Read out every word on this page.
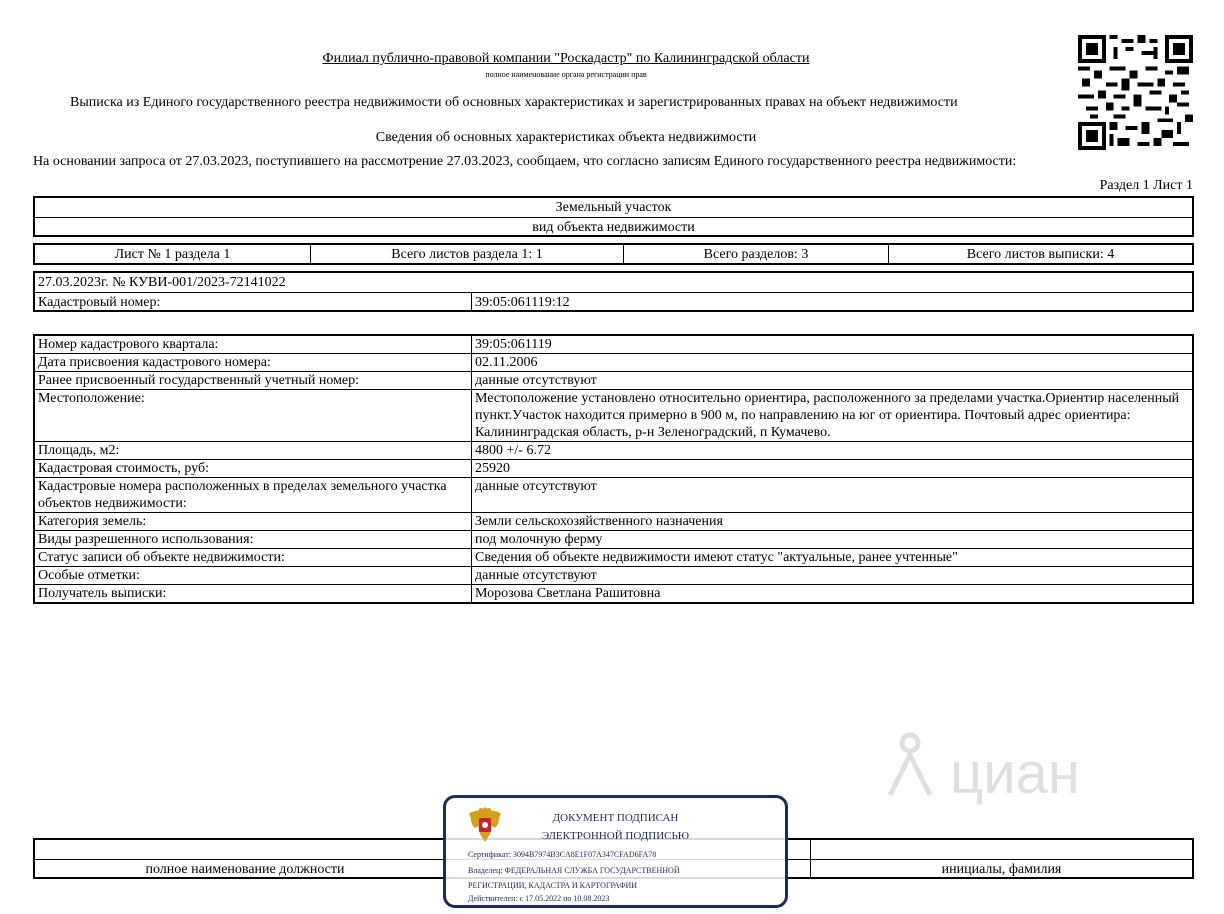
Филиал публично-правовой компании "Роскадастр" по Калининградской области
полное наименование органа регистрации прав
Выписка из Единого государственного реестра недвижимости об основных характеристиках и зарегистрированных правах на объект недвижимости
Сведения об основных характеристиках объекта недвижимости
На основании запроса от 27.03.2023, поступившего на рассмотрение 27.03.2023, сообщаем, что согласно записям Единого государственного реестра недвижимости:
Раздел 1 Лист 1
Земельный участок
вид объекта недвижимости
Лист № 1 раздела 1	Всего листов раздела 1: 1	Всего разделов: 3	Всего листов выписки: 4
27.03.2023г. № КУВИ-001/2023-72141022
Кадастровый номер:	39:05:061119:12
Номер кадастрового квартала:	39:05:061119
Дата присвоения кадастрового номера:	02.11.2006
Ранее присвоенный государственный учетный номер:	данные отсутствуют
Местоположение:	Местоположение установлено относительно ориентира, расположенного за пределами участка.Ориентир населенный пункт.Участок находится примерно в 900 м, по направлению на юг от ориентира. Почтовый адрес ориентира: Калининградская область, р-н Зеленоградский, п Кумачево.
Площадь, м2:	4800 +/- 6.72
Кадастровая стоимость, руб:	25920
Кадастровые номера расположенных в пределах земельного участка объектов недвижимости:	данные отсутствуют
Категория земель:	Земли сельскохозяйственного назначения
Виды разрешенного использования:	под молочную ферму
Статус записи об объекте недвижимости:	Сведения об объекте недвижимости имеют статус "актуальные, ранее учтенные"
Особые отметки:	данные отсутствуют
Получатель выписки:	Морозова Светлана Рашитовна
циан
полное наименование должности	инициалы, фамилия
ДОКУМЕНТ ПОДПИСАН
ЭЛЕКТРОННОЙ ПОДПИСЬЮ
Сертификат: 3094B7974B3CA8E1F07A347CFAD6FA78
Владелец: ФЕДЕРАЛЬНАЯ СЛУЖБА ГОСУДАРСТВЕННОЙ
РЕГИСТРАЦИИ, КАДАСТРА И КАРТОГРАФИИ
Действителен: с 17.05.2022 по 10.08.2023
